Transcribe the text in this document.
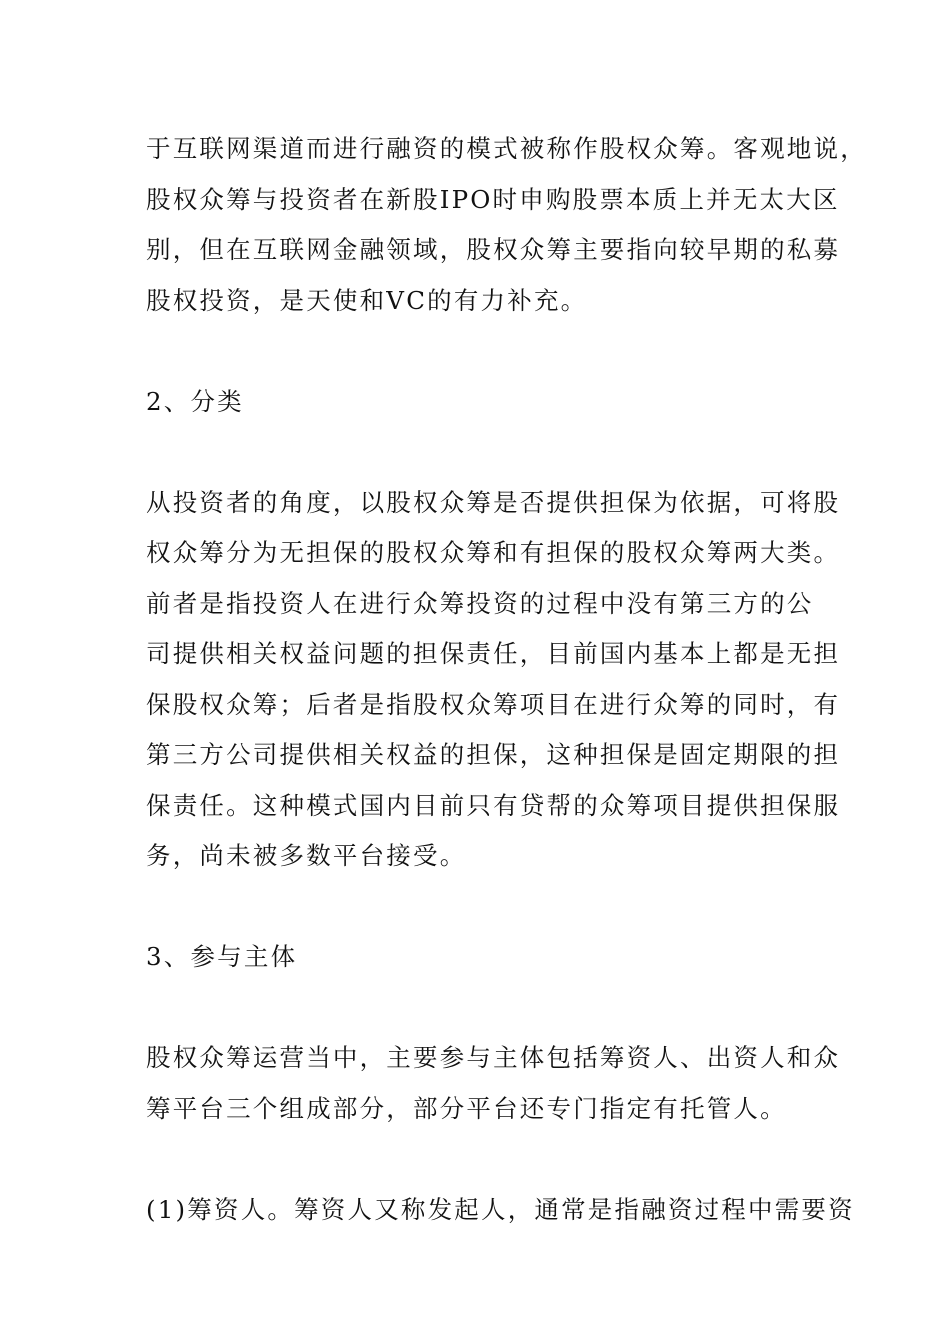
于互联网渠道而进行融资的模式被称作股权众筹。客观地说，

股权众筹与投资者在新股IPO时申购股票本质上并无太大区

别，但在互联网金融领域，股权众筹主要指向较早期的私募

股权投资，是天使和VC的有力补充。

2、分类

从投资者的角度，以股权众筹是否提供担保为依据，可将股

权众筹分为无担保的股权众筹和有担保的股权众筹两大类。

前者是指投资人在进行众筹投资的过程中没有第三方的公

司提供相关权益问题的担保责任，目前国内基本上都是无担

保股权众筹；后者是指股权众筹项目在进行众筹的同时，有

第三方公司提供相关权益的担保，这种担保是固定期限的担

保责任。这种模式国内目前只有贷帮的众筹项目提供担保服

务，尚未被多数平台接受。

3、参与主体

股权众筹运营当中，主要参与主体包括筹资人、出资人和众

筹平台三个组成部分，部分平台还专门指定有托管人。

(1)筹资人。筹资人又称发起人，通常是指融资过程中需要资
